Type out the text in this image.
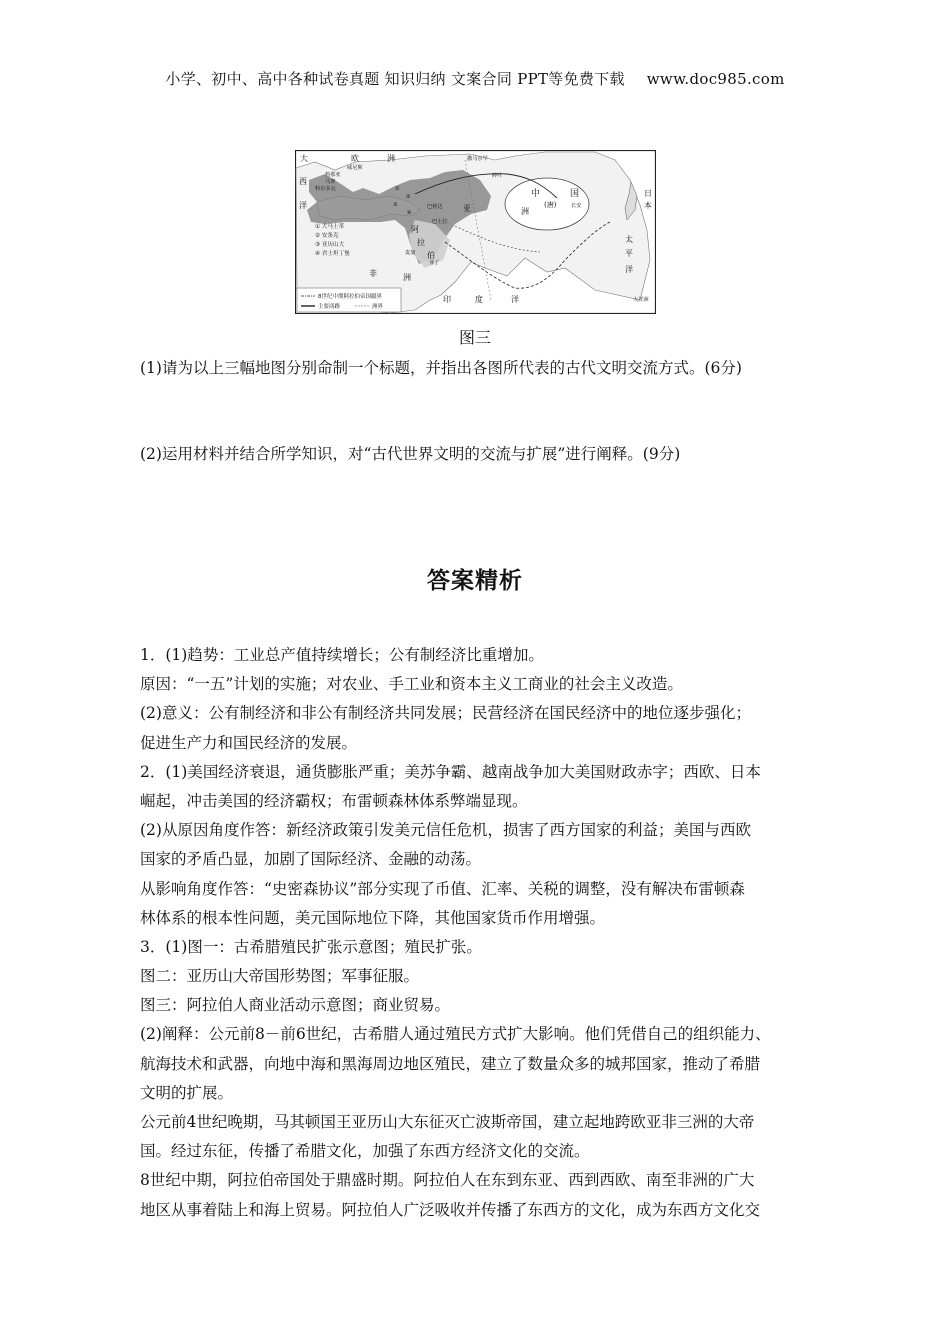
小学、初中、高中各种试卷真题 知识归纳 文案合同 PPT等免费下载 www.doc985.com
大	欧	洲
西
洋	亚
中	国
(唐)
洲
日
本
太
平
洋
阿
拉
伯
非	洲
印	度	洋
撒马尔罕
威尼斯
热那亚
马赛
科尔多瓦
碎叶
长安
巴格达
巴士拉
麦加
亚丁
大洋洲
①
②
③
④
① 大马士革
② 安条克
③ 亚历山大
④ 君士坦丁堡
8世纪中期阿拉伯帝国疆界
主要商路	洲界
图三
(1)请为以上三幅地图分别命制一个标题，并指出各图所代表的古代文明交流方式。(6分)
(2)运用材料并结合所学知识，对“古代世界文明的交流与扩展”进行阐释。(9分)
答案精析
1．(1)趋势：工业总产值持续增长；公有制经济比重增加。
原因：“一五”计划的实施；对农业、手工业和资本主义工商业的社会主义改造。
(2)意义：公有制经济和非公有制经济共同发展；民营经济在国民经济中的地位逐步强化；
促进生产力和国民经济的发展。
2．(1)美国经济衰退，通货膨胀严重；美苏争霸、越南战争加大美国财政赤字；西欧、日本
崛起，冲击美国的经济霸权；布雷顿森林体系弊端显现。
(2)从原因角度作答：新经济政策引发美元信任危机，损害了西方国家的利益；美国与西欧
国家的矛盾凸显，加剧了国际经济、金融的动荡。
从影响角度作答：“史密森协议”部分实现了币值、汇率、关税的调整，没有解决布雷顿森
林体系的根本性问题，美元国际地位下降，其他国家货币作用增强。
3．(1)图一：古希腊殖民扩张示意图；殖民扩张。
图二：亚历山大帝国形势图；军事征服。
图三：阿拉伯人商业活动示意图；商业贸易。
(2)阐释：公元前8－前6世纪，古希腊人通过殖民方式扩大影响。他们凭借自己的组织能力、
航海技术和武器，向地中海和黑海周边地区殖民，建立了数量众多的城邦国家，推动了希腊
文明的扩展。
公元前4世纪晚期，马其顿国王亚历山大东征灭亡波斯帝国，建立起地跨欧亚非三洲的大帝
国。经过东征，传播了希腊文化，加强了东西方经济文化的交流。
8世纪中期，阿拉伯帝国处于鼎盛时期。阿拉伯人在东到东亚、西到西欧、南至非洲的广大
地区从事着陆上和海上贸易。阿拉伯人广泛吸收并传播了东西方的文化，成为东西方文化交
